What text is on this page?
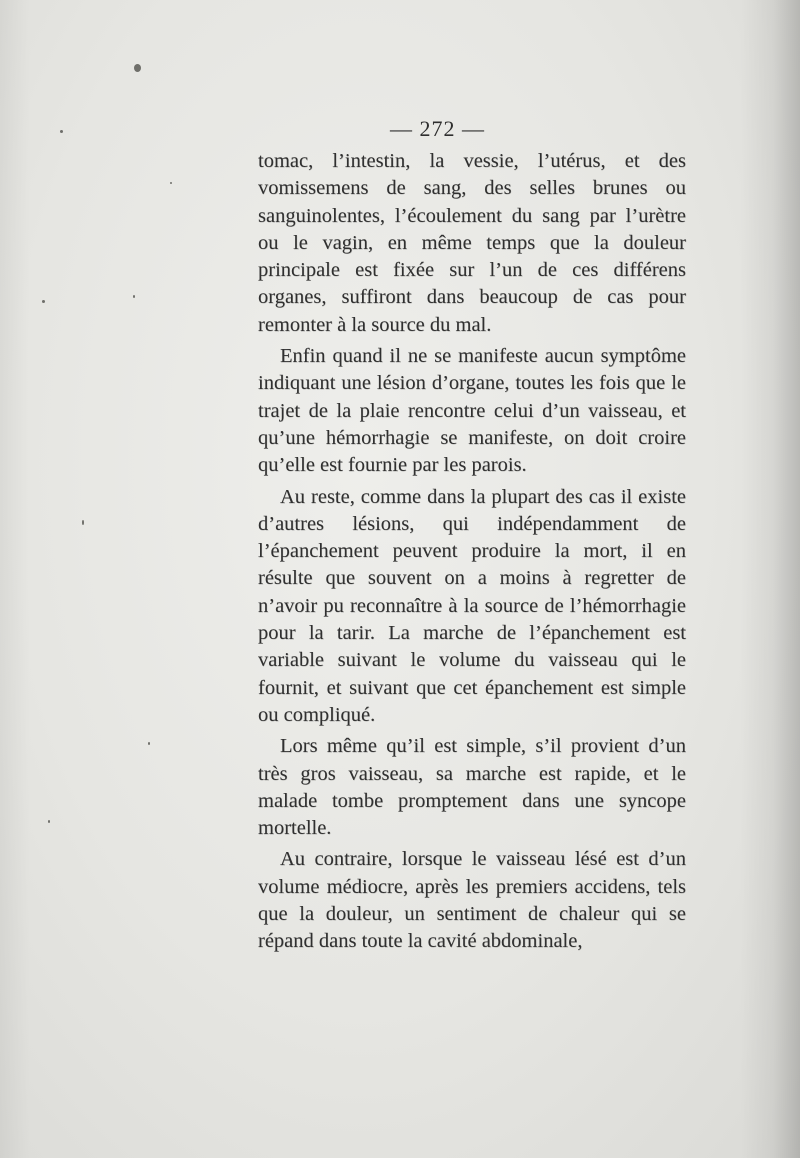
— 272 —

tomac, l’intestin, la vessie, l’utérus, et des vomissemens de sang, des selles brunes ou sanguinolentes, l’écoulement du sang par l’urètre ou le vagin, en même temps que la douleur principale est fixée sur l’un de ces différens organes, suffiront dans beaucoup de cas pour remonter à la source du mal.

Enfin quand il ne se manifeste aucun symptôme indiquant une lésion d’organe, toutes les fois que le trajet de la plaie rencontre celui d’un vaisseau, et qu’une hémorrhagie se manifeste, on doit croire qu’elle est fournie par les parois.

Au reste, comme dans la plupart des cas il existe d’autres lésions, qui indépendamment de l’épanchement peuvent produire la mort, il en résulte que souvent on a moins à regretter de n’avoir pu reconnaître à la source de l’hémorrhagie pour la tarir. La marche de l’épanchement est variable suivant le volume du vaisseau qui le fournit, et suivant que cet épanchement est simple ou compliqué.

Lors même qu’il est simple, s’il provient d’un très gros vaisseau, sa marche est rapide, et le malade tombe promptement dans une syncope mortelle.

Au contraire, lorsque le vaisseau lésé est d’un volume médiocre, après les premiers accidens, tels que la douleur, un sentiment de chaleur qui se répand dans toute la cavité abdominale,
